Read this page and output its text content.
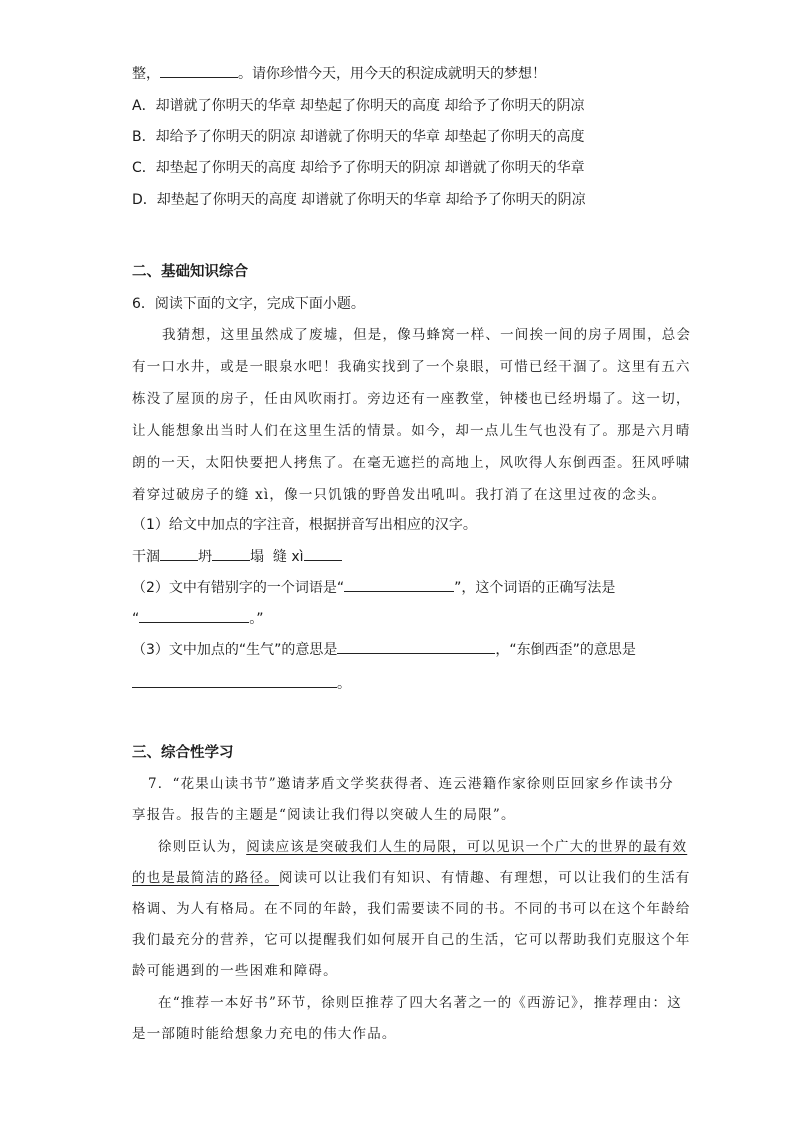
整，	。请你珍惜今天，用今天的积淀成就明天的梦想！
A．却谱就了你明天的华章 却垫起了你明天的高度 却给予了你明天的阴凉
B．却给予了你明天的阴凉 却谱就了你明天的华章 却垫起了你明天的高度
C．却垫起了你明天的高度 却给予了你明天的阴凉 却谱就了你明天的华章
D．却垫起了你明天的高度 却谱就了你明天的华章 却给予了你明天的阴凉
二、基础知识综合
6．阅读下面的文字，完成下面小题。
我猜想，这里虽然成了废墟，但是，像马蜂窝一样、一间挨一间的房子周围，总会
有一口水井，或是一眼泉水吧！我确实找到了一个泉眼，可惜已经干涸了。这里有五六
栋没了屋顶的房子，任由风吹雨打。旁边还有一座教堂，钟楼也已经坍塌了。这一切，
让人能想象出当时人们在这里生活的情景。如今，却一点儿生气也没有了。那是六月晴
朗的一天，太阳快要把人拷焦了。在毫无遮拦的高地上，风吹得人东倒西歪。狂风呼啸
着穿过破房子的缝 xì，像一只饥饿的野兽发出吼叫。我打消了在这里过夜的念头。
（1）给文中加点的字注音，根据拼音写出相应的汉字。
干涸	坍	塌 缝 xì
（2）文中有错别字的一个词语是“	”，这个词语的正确写法是
“	。”
（3）文中加点的“生气”的意思是	，“东倒西歪”的意思是
。
三、综合性学习
7．“花果山读书节”邀请茅盾文学奖获得者、连云港籍作家徐则臣回家乡作读书分
享报告。报告的主题是“阅读让我们得以突破人生的局限”。
徐则臣认为，阅读应该是突破我们人生的局限，可以见识一个广大的世界的最有效
的也是最简洁的路径。阅读可以让我们有知识、有情趣、有理想，可以让我们的生活有
格调、为人有格局。在不同的年龄，我们需要读不同的书。不同的书可以在这个年龄给
我们最充分的营养，它可以提醒我们如何展开自己的生活，它可以帮助我们克服这个年
龄可能遇到的一些困难和障碍。
在“推荐一本好书”环节，徐则臣推荐了四大名著之一的《西游记》，推荐理由：这
是一部随时能给想象力充电的伟大作品。
